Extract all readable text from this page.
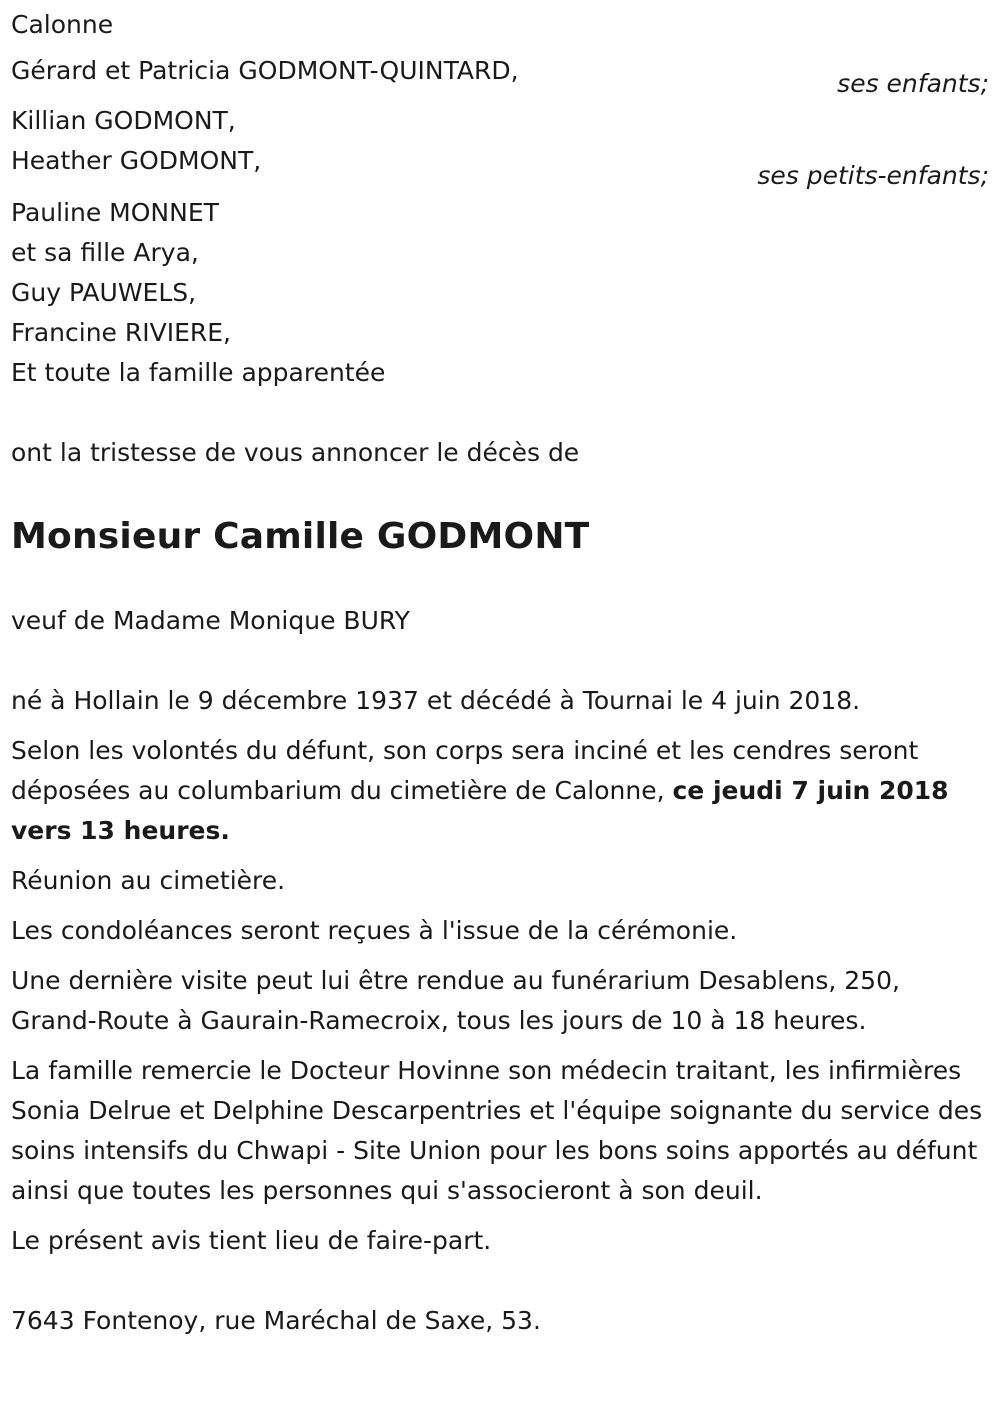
Calonne
Gérard et Patricia GODMONT-QUINTARD,	ses enfants;
Killian GODMONT,
Heather GODMONT,
ses petits-enfants;
Pauline MONNET
et sa fille Arya,
Guy PAUWELS,
Francine RIVIERE,
Et toute la famille apparentée
ont la tristesse de vous annoncer le décès de
Monsieur Camille GODMONT
veuf de Madame Monique BURY
né à Hollain le 9 décembre 1937 et décédé à Tournai le 4 juin 2018.
Selon les volontés du défunt, son corps sera inciné et les cendres seront déposées au columbarium du cimetière de Calonne, ce jeudi 7 juin 2018 vers 13 heures.
Réunion au cimetière.
Les condoléances seront reçues à l'issue de la cérémonie.
Une dernière visite peut lui être rendue au funérarium Desablens, 250, Grand-Route à Gaurain-Ramecroix, tous les jours de 10 à 18 heures.
La famille remercie le Docteur Hovinne son médecin traitant, les infirmières Sonia Delrue et Delphine Descarpentries et l'équipe soignante du service des soins intensifs du Chwapi - Site Union pour les bons soins apportés au défunt ainsi que toutes les personnes qui s'associeront à son deuil.
Le présent avis tient lieu de faire-part.
7643 Fontenoy, rue Maréchal de Saxe, 53.
